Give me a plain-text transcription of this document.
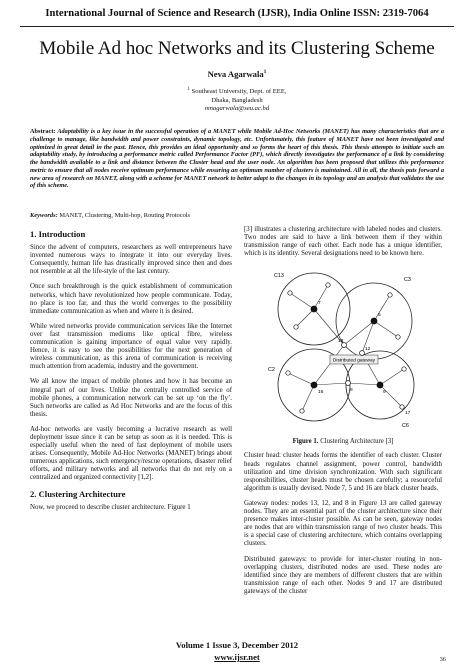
International Journal of Science and Research (IJSR), India Online ISSN: 2319-7064
Mobile Ad hoc Networks and its Clustering Scheme
Neva Agarwala$^1$
$^1$ Southeast University, Dept. of EEE,
Dhaka, Bangladesh
mnagarwala@seu.ac.bd
Abstract: Adaptability is a key issue in the successful operation of a MANET while Mobile Ad-Hoc Networks (MANET) has many characteristics that are a challenge to manage, like bandwidth and power constraints, dynamic topology, etc. Unfortunately, this feature of MANET have not been investigated and optimized in great detail in the past. Hence, this provides an ideal opportunity and so forms the heart of this thesis. This thesis attempts to initiate such an adaptability study, by introducing a performance metric called Performance Factor (PF), which directly investigates the performance of a link by considering the bandwidth available to a link and distance between the Cluster head and the user node. An algorithm has been proposed that utilizes this performance metric to ensure that all nodes receive optimum performance while ensuring an optimum number of clusters is maintained. All in all, the thesis puts forward a new area of research on MANET, along with a scheme for MANET network to better adapt to the changes in its topology and an analysis that validates the use of this scheme.
Keywords: MANET, Clustering, Multi-hop, Routing Protocols
1. Introduction

Since the advent of computers, researchers as well entrepreneurs have invented numerous ways to integrate it into our everyday lives. Consequently, human life has drastically improved since then and does not resemble at all the life-style of the last century.

Once such breakthrough is the quick establishment of communication networks, which have revolutionized how people communicate. Today, no place is too far, and thus the world converges to the possibility immediate communication as when and where it is desired.

While wired networks provide communication services like the Internet over fast transmission mediums like optical fibre, wireless communication is gaining importance of equal value very rapidly. Hence, it is easy to see the possibilities for the next generation of wireless communication, as this arena of communication is receiving much attention from academia, industry and the government.

We all know the impact of mobile phones and how it has become an integral part of our lives. Unlike the centrally controlled service of mobile phones, a communication network can be set up ‘on the fly’. Such networks are called as Ad Hoc Networks and are the focus of this thesis.

Ad-hoc networks are vastly becoming a lucrative research as well deployment issue since it can be setup as soon as it is needed. This is especially useful when the need of fast deployment of mobile users arises. Consequently, Mobile Ad-Hoc Networks (MANET) brings about numerous applications, such emergency/rescue operations, disaster relief efforts, and military networks and all networks that do not rely on a centralized and organized connectivity [1,2].

2. Clustering Architecture

Now, we proceed to describe cluster architecture. Figure 1

[3] illustrates a clustering architecture with labeled nodes and clusters. Two nodes are said to have a link between them if they within transmission range of each other. Each node has a unique identifier, which is its identity. Several designations need to be known here.

Distributed gateway
C13
C3
C2
C6
7
5
16
13
12
8	9
17
Figure 1. Clustering Architecture [3]

Cluster head: cluster heads forms the identifier of each cluster. Cluster heads regulates channel assignment, power control, bandwidth utilization and time division synchronization. With such significant responsibilities, cluster heads must be chosen carefully; a resourceful algorithm is usually devised. Node 7, 5 and 16 are black cluster heads.

Gateway nodes: nodes 13, 12, and 8 in Figure 13 are called gateway nodes. They are an essential part of the cluster architecture since their presence makes inter-cluster possible. As can be seen, gateway nodes are nodes that are within transmission range of two cluster heads. This is a special case of clustering architecture, which contains overlapping clusters.

Distributed gateways: to provide for inter-cluster routing in non-overlapping clusters, distributed nodes are used. These nodes are identified since they are members of different clusters that are within transmission range of each other. Nodes 9 and 17 are distributed gateways of the cluster

Volume 1 Issue 3, December 2012
www.ijsr.net	36
